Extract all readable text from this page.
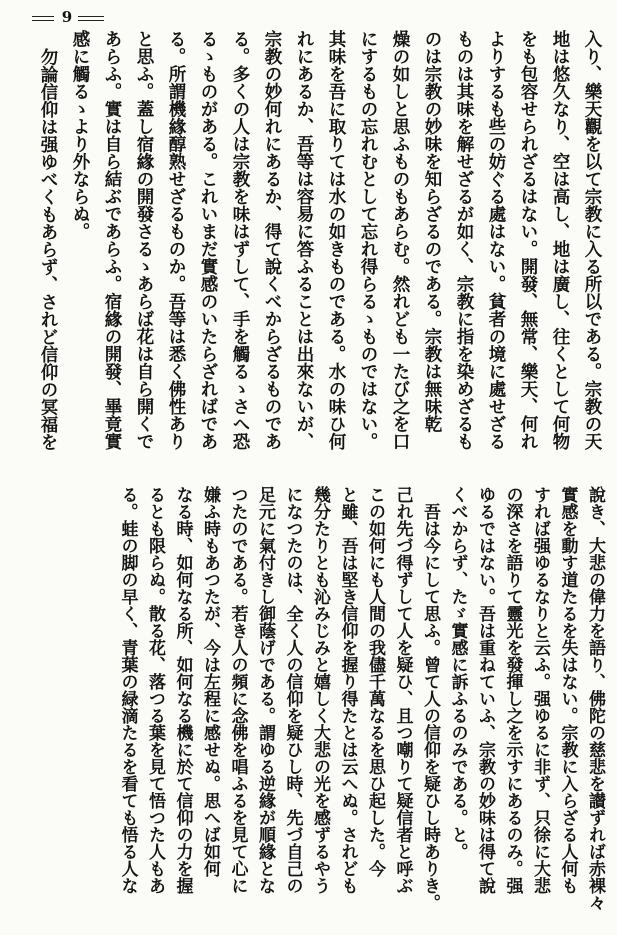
9
入り、樂天觀を以て宗教に入る所以である。宗教の天
地は悠久なり、空は高し、地は廣し、往くとして何物
をも包容せられざるはない。開發、無常、樂天、何れ
よりするも些の妨ぐる處はない。貧者の境に處せざる
ものは其味を解せざるが如く、宗教に指を染めざるも
のは宗教の妙味を知らざるのである。宗教は無味乾
燥の如しと思ふものもあらむ。然れども一たび之を口
にするもの忘れむとして忘れ得らるゝものではない。
其味を吾に取りては水の如きものである。水の味ひ何
れにあるか、吾等は容易に答ふることは出來ないが、
宗教の妙何れにあるか、得て說くべからざるものであ
る。多くの人は宗教を味はずして、手を觸るゝさへ恐
るゝものがある。これいまだ實感のいたらざればであ
る。所謂機緣醇熟せざるものか。吾等は悉く佛性あり
と思ふ。蓋し宿緣の開發さるゝあらば花は自ら開くで
あらふ。實は自ら結ぶであらふ。宿緣の開發、畢竟實
感に觸るゝより外ならぬ。
勿論信仰は强ゆべくもあらず、されど信仰の冥福を
說き、大悲の偉力を語り、佛陀の慈悲を讃ずれば赤裸々
實感を動す道たるを失はない。宗教に入らざる人何も
すれば强ゆるなりと云ふ。强ゆるに非ず、只徐に大悲
の深さを語りて靈光を發揮し之を示すにあるのみ。强
ゆるではない。吾は重ねていふ、宗教の妙味は得て說
くべからず、たゞ實感に訴ふるのみである。と。
吾は今にして思ふ。曾て人の信仰を疑ひし時ありき。
己れ先づ得ずして人を疑ひ、且つ嘲りて疑信者と呼ぶ
この如何にも人間の我儘千萬なるを思ひ起した。今
と雖、吾は堅き信仰を握り得たとは云へぬ。されども
幾分たりとも沁みじみと嬉しく大悲の光を感ずるやう
になつたのは、全く人の信仰を疑ひし時、先づ自己の
足元に氣付きし御蔭げである。謂ゆる逆緣が順緣とな
つたのである。若き人の頻に念佛を唱ふるを見て心に
嫌ふ時もあつたが、今は左程に感せぬ。思へば如何
なる時、如何なる所、如何なる機に於て信仰の力を握
るとも限らぬ。散る花、落つる葉を見て悟つた人もあ
る。蛙の脚の早く、青葉の緑滴たるを看ても悟る人な
